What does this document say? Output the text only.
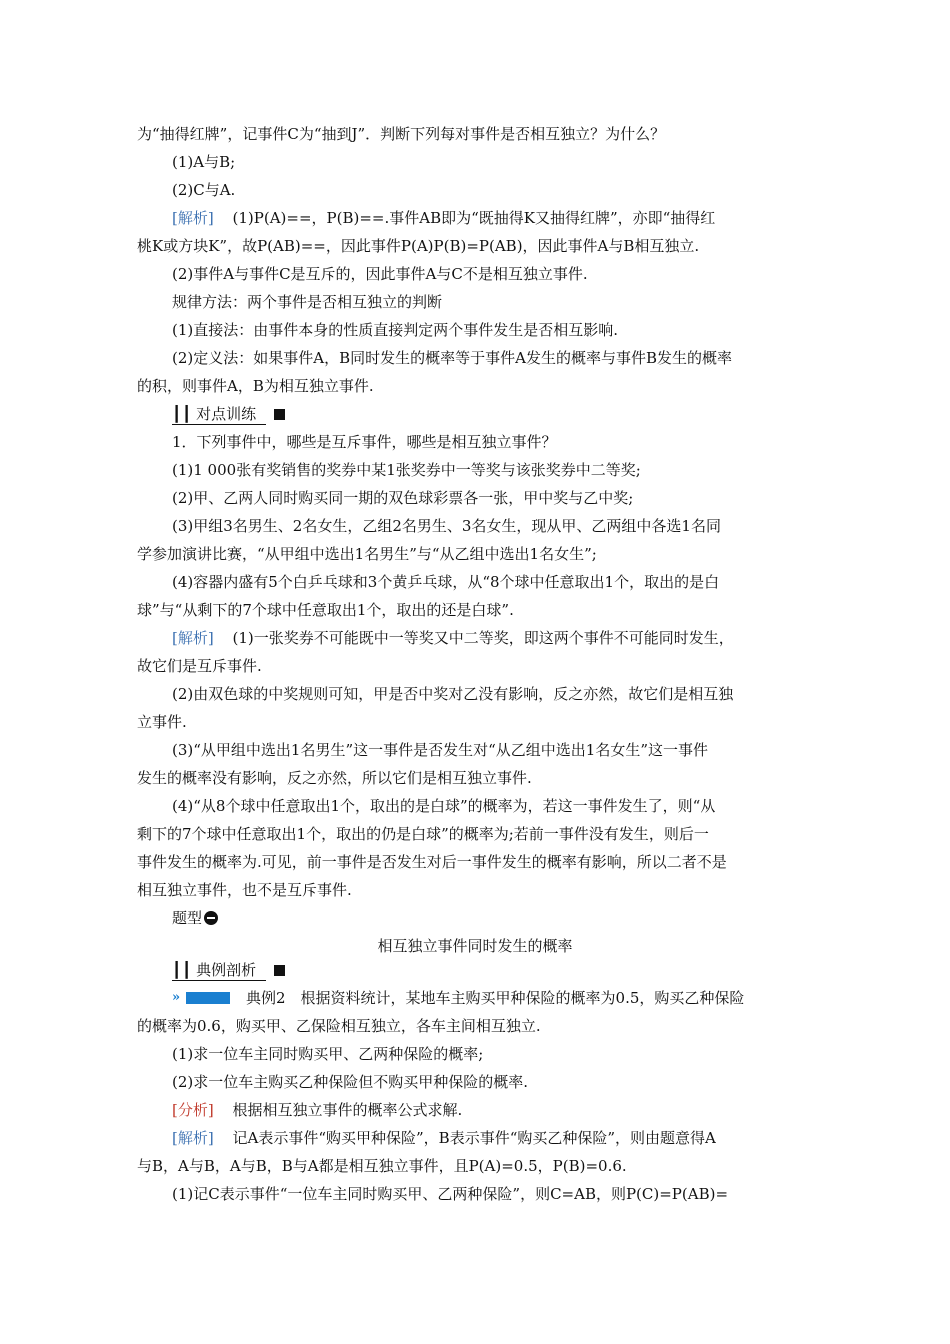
为“抽得红牌”，记事件C为“抽到J”．判断下列每对事件是否相互独立？为什么？
(1)A与B;
(2)C与A.
[解析] (1)P(A)==，P(B)==.事件AB即为“既抽得K又抽得红牌”，亦即“抽得红
桃K或方块K”，故P(AB)==，因此事件P(A)P(B)=P(AB)，因此事件A与B相互独立.
(2)事件A与事件C是互斥的，因此事件A与C不是相互独立事件.
规律方法：两个事件是否相互独立的判断
(1)直接法：由事件本身的性质直接判定两个事件发生是否相互影响.
(2)定义法：如果事件A，B同时发生的概率等于事件A发生的概率与事件B发生的概率
的积，则事件A，B为相互独立事件.
┃┃ 对点训练
1．下列事件中，哪些是互斥事件，哪些是相互独立事件？
(1)1 000张有奖销售的奖券中某1张奖券中一等奖与该张奖券中二等奖;
(2)甲、乙两人同时购买同一期的双色球彩票各一张，甲中奖与乙中奖;
(3)甲组3名男生、2名女生，乙组2名男生、3名女生，现从甲、乙两组中各选1名同
学参加演讲比赛，“从甲组中选出1名男生”与“从乙组中选出1名女生”;
(4)容器内盛有5个白乒乓球和3个黄乒乓球，从“8个球中任意取出1个，取出的是白
球”与“从剩下的7个球中任意取出1个，取出的还是白球”.
[解析] (1)一张奖券不可能既中一等奖又中二等奖，即这两个事件不可能同时发生，
故它们是互斥事件.
(2)由双色球的中奖规则可知，甲是否中奖对乙没有影响，反之亦然，故它们是相互独
立事件.
(3)“从甲组中选出1名男生”这一事件是否发生对“从乙组中选出1名女生”这一事件
发生的概率没有影响，反之亦然，所以它们是相互独立事件.
(4)“从8个球中任意取出1个，取出的是白球”的概率为，若这一事件发生了，则“从
剩下的7个球中任意取出1个，取出的仍是白球”的概率为;若前一事件没有发生，则后一
事件发生的概率为.可见，前一事件是否发生对后一事件发生的概率有影响，所以二者不是
相互独立事件，也不是互斥事件.
题型
相互独立事件同时发生的概率
┃┃ 典例剖析
»	典例2　根据资料统计，某地车主购买甲种保险的概率为0.5，购买乙种保险
的概率为0.6，购买甲、乙保险相互独立，各车主间相互独立.
(1)求一位车主同时购买甲、乙两种保险的概率;
(2)求一位车主购买乙种保险但不购买甲种保险的概率.
[分析] 根据相互独立事件的概率公式求解.
[解析] 记A表示事件“购买甲种保险”，B表示事件“购买乙种保险”，则由题意得A
与B，A与B，A与B，B与A都是相互独立事件，且P(A)=0.5，P(B)=0.6.
(1)记C表示事件“一位车主同时购买甲、乙两种保险”，则C=AB，则P(C)=P(AB)=
